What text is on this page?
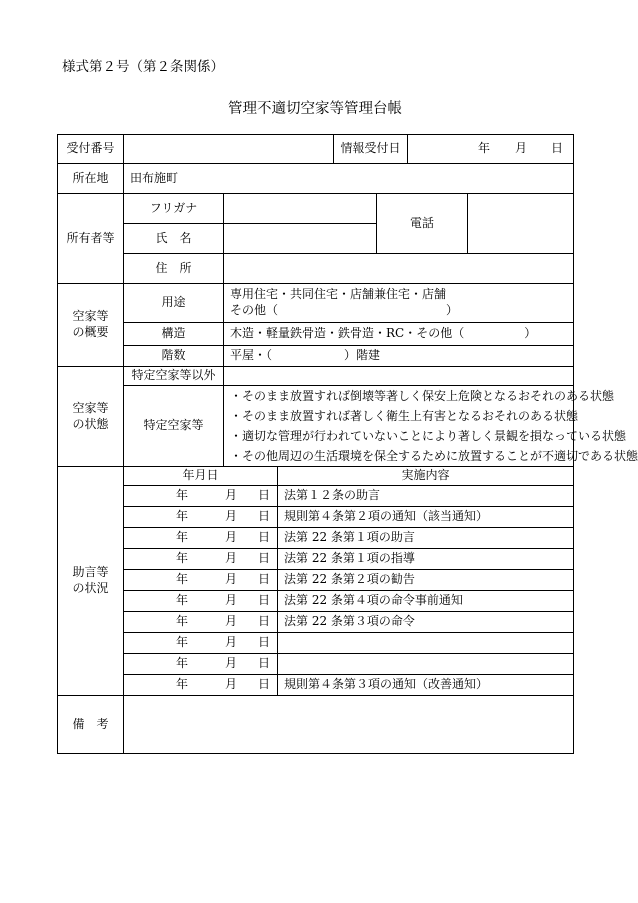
様式第２号（第２条関係）
管理不適切空家等管理台帳
受付番号				情報受付日		年 月 日	

所在地	田布施町						
所有者等	フリガナ				電話		
	氏　名						
	住　所						

空家等
の概要	用途	専用住宅・共同住宅・店舗兼住宅・店舗
その他（　　　　　　　　　　　　　　）					

	構造	木造・軽量鉄骨造・鉄骨造・RC・その他（　　　　　）					
	階数	平屋・（　　　　　　）階建					

空家等
の状態	特定空家等以外						
	特定空家等	・そのまま放置すれば倒壊等著しく保安上危険となるおそれのある状態
・そのまま放置すれば著しく衛生上有害となるおそれのある状態
・適切な管理が行われていないことにより著しく景観を損なっている状態
・その他周辺の生活環境を保全するために放置することが不適切である状態					

助言等
の状況	年月日		実施内容				

	年 月 日		法第１２条の助言				

	年 月 日		規則第４条第２項の通知（該当通知）				

	年 月 日		法第 22 条第１項の助言				

	年 月 日		法第 22 条第１項の指導				

	年 月 日		法第 22 条第２項の勧告				

	年 月 日		法第 22 条第４項の命令事前通知				

	年 月 日		法第 22 条第３項の命令				

	年 月 日						

	年 月 日						

	年 月 日		規則第４条第３項の通知（改善通知）				
備　考							
